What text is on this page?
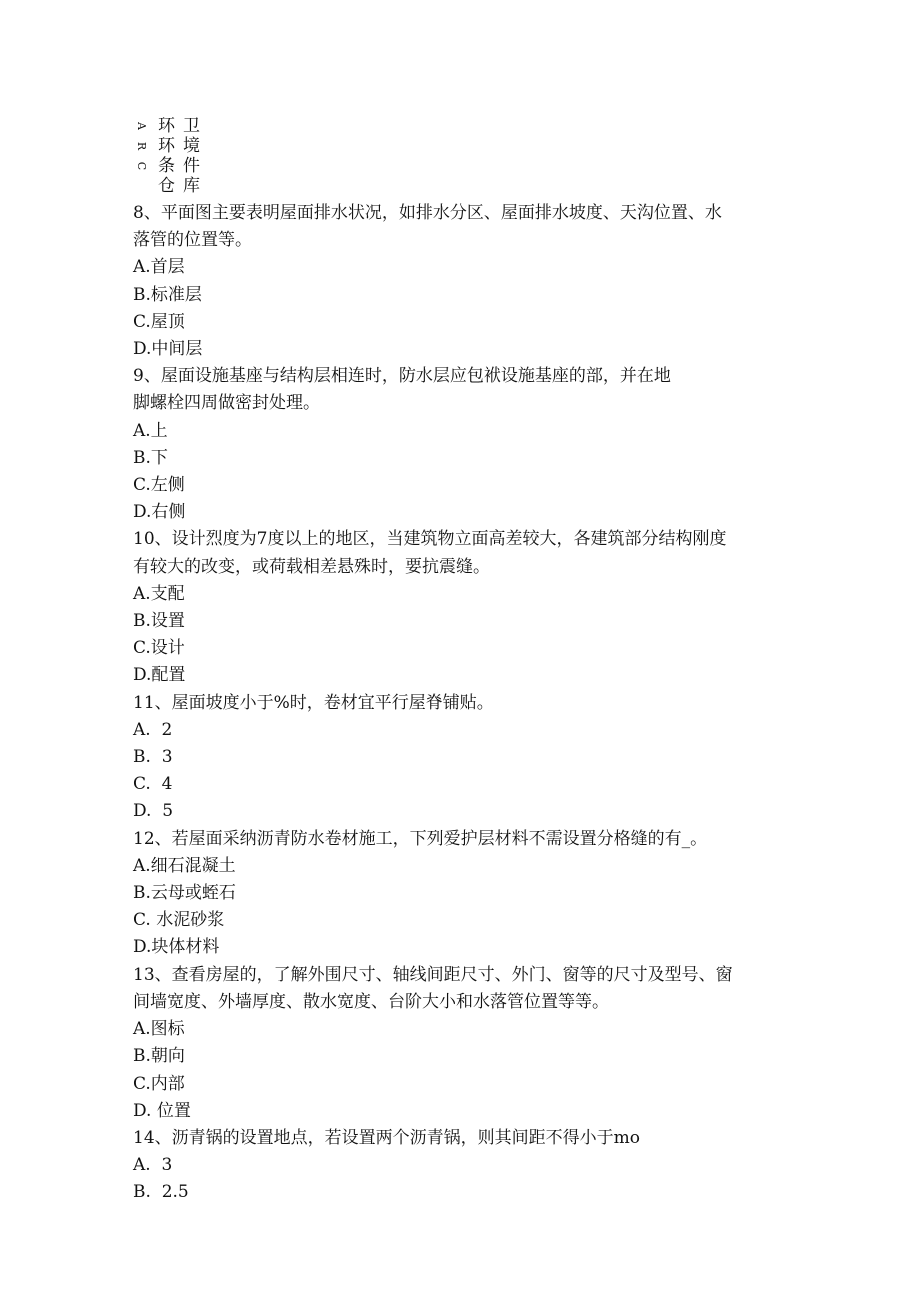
A 环 卫
R 环 境
C 条 件
仓 库
8、平面图主要表明屋面排水状况，如排水分区、屋面排水坡度、天沟位置、水
落管的位置等。
A.首层
B.标准层
C.屋顶
D.中间层
9、屋面设施基座与结构层相连时，防水层应包袱设施基座的部，并在地
脚螺栓四周做密封处理。
A.上
B.下
C.左侧
D.右侧
10、设计烈度为7度以上的地区，当建筑物立面高差较大，各建筑部分结构刚度
有较大的改变，或荷载相差悬殊时，要抗震缝。
A.支配
B.设置
C.设计
D.配置
11、屋面坡度小于%时，卷材宜平行屋脊铺贴。
A.  2
B.  3
C.  4
D.  5
12、若屋面采纳沥青防水卷材施工，下列爱护层材料不需设置分格缝的有_。
A.细石混凝土
B.云母或蛭石
C. 水泥砂浆
D.块体材料
13、查看房屋的，了解外围尺寸、轴线间距尺寸、外门、窗等的尺寸及型号、窗
间墙宽度、外墙厚度、散水宽度、台阶大小和水落管位置等等。
A.图标
B.朝向
C.内部
D. 位置
14、沥青锅的设置地点，若设置两个沥青锅，则其间距不得小于mo
A.  3
B.  2.5
